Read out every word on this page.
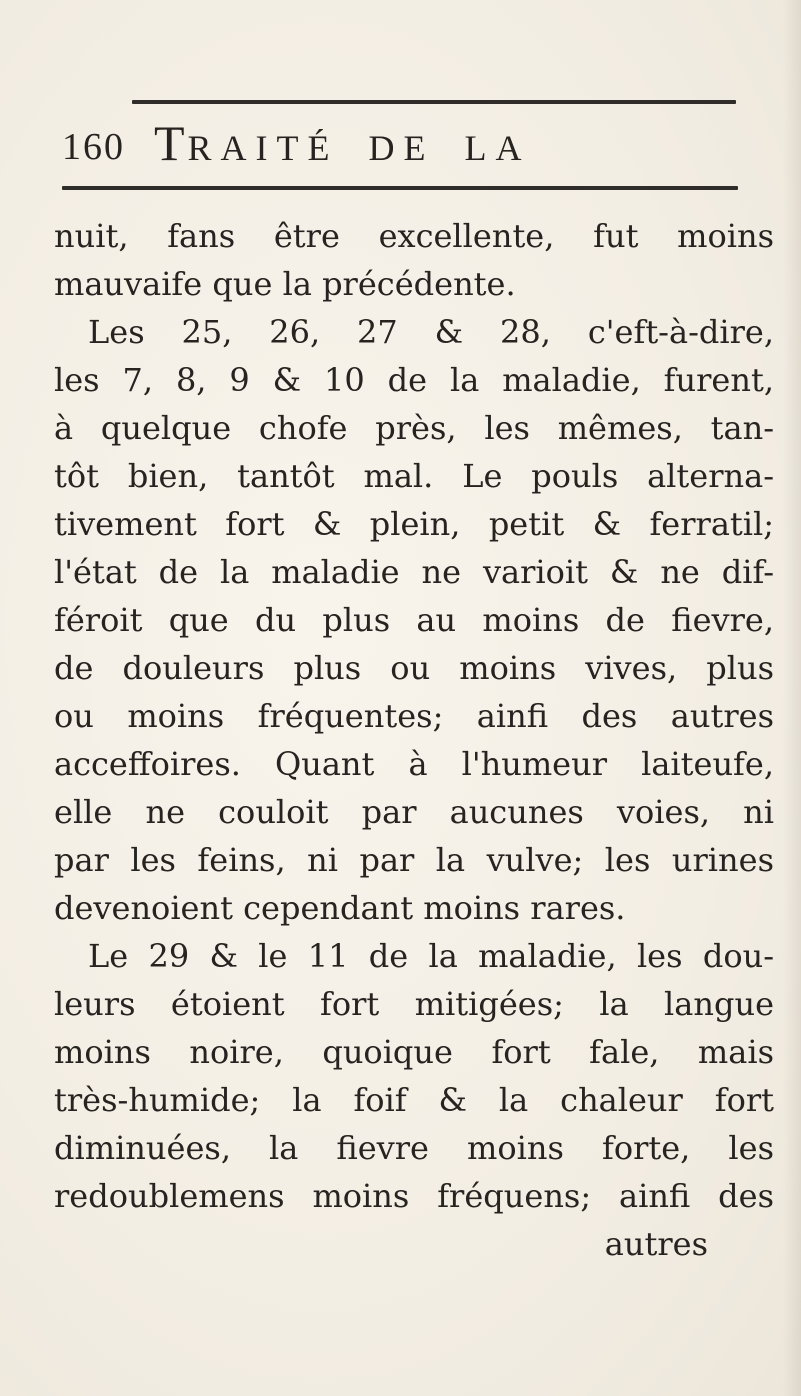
160 TRAITÉ DE LA
nuit, fans être excellente, fut moins
mauvaife que la précédente.
Les 25, 26, 27 & 28, c'eft-à-dire,
les 7, 8, 9 & 10 de la maladie, furent,
à quelque chofe près, les mêmes, tan-
tôt bien, tantôt mal. Le pouls alterna-
tivement fort & plein, petit & ferratil;
l'état de la maladie ne varioit & ne dif-
féroit que du plus au moins de fievre,
de douleurs plus ou moins vives, plus
ou moins fréquentes; ainfi des autres
acceffoires. Quant à l'humeur laiteufe,
elle ne couloit par aucunes voies, ni
par les feins, ni par la vulve; les urines
devenoient cependant moins rares.
Le 29 & le 11 de la maladie, les dou-
leurs étoient fort mitigées; la langue
moins noire, quoique fort fale, mais
très-humide; la foif & la chaleur fort
diminuées, la fievre moins forte, les
redoublemens moins fréquens; ainfi des
autres
